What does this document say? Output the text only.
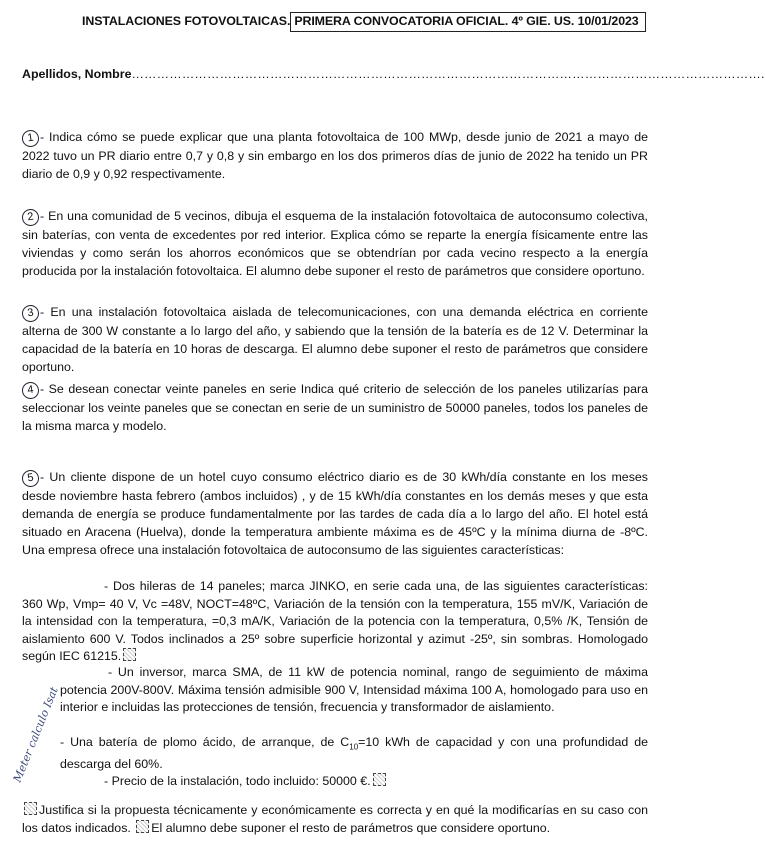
INSTALACIONES FOTOVOLTAICAS. PRIMERA CONVOCATORIA OFICIAL. 4º GIE. US. 10/01/2023
Apellidos, Nombre…………………………………………………………………………………………………………………………………….
1 - Indica cómo se puede explicar que una planta fotovoltaica de 100 MWp, desde junio de 2021 a mayo de 2022 tuvo un PR diario entre 0,7 y 0,8 y sin embargo en los dos primeros días de junio de 2022 ha tenido un PR diario de 0,9 y 0,92 respectivamente.
2 - En una comunidad de 5 vecinos, dibuja el esquema de la instalación fotovoltaica de autoconsumo colectiva, sin baterías, con venta de excedentes por red interior. Explica cómo se reparte la energía físicamente entre las viviendas y como serán los ahorros económicos que se obtendrían por cada vecino respecto a la energía producida por la instalación fotovoltaica. El alumno debe suponer el resto de parámetros que considere oportuno.
3 - En una instalación fotovoltaica aislada de telecomunicaciones, con una demanda eléctrica en corriente alterna de 300 W constante a lo largo del año, y sabiendo que la tensión de la batería es de 12 V. Determinar la capacidad de la batería en 10 horas de descarga. El alumno debe suponer el resto de parámetros que considere oportuno.
4 - Se desean conectar veinte paneles en serie Indica qué criterio de selección de los paneles utilizarías para seleccionar los veinte paneles que se conectan en serie de un suministro de 50000 paneles, todos los paneles de la misma marca y modelo.
5 - Un cliente dispone de un hotel cuyo consumo eléctrico diario es de 30 kWh/día constante en los meses desde noviembre hasta febrero (ambos incluidos) , y de 15 kWh/día constantes en los demás meses y que esta demanda de energía se produce fundamentalmente por las tardes de cada día a lo largo del año. El hotel está situado en Aracena (Huelva), donde la temperatura ambiente máxima es de 45ºC y la mínima diurna de -8ºC. Una empresa ofrece una instalación fotovoltaica de autoconsumo de las siguientes características:
- Dos hileras de 14 paneles; marca JINKO, en serie cada una, de las siguientes características: 360 Wp, Vmp= 40 V, Vc =48V, NOCT=48ºC, Variación de la tensión con la temperatura, 155 mV/K, Variación de la intensidad con la temperatura, =0,3 mA/K, Variación de la potencia con la temperatura, 0,5% /K, Tensión de aislamiento 600 V. Todos inclinados a 25º sobre superficie horizontal y azimut -25º, sin sombras. Homologado según IEC 61215.
- Un inversor, marca SMA, de 11 kW de potencia nominal, rango de seguimiento de máxima potencia 200V-800V. Máxima tensión admisible 900 V, Intensidad máxima 100 A, homologado para uso en interior e incluidas las protecciones de tensión, frecuencia y transformador de aislamiento.
- Una batería de plomo ácido, de arranque, de $C_{10}=10$ kWh de capacidad y con una profundidad de descarga del 60%.
- Precio de la instalación, todo incluido: 50000 €.
Justifica si la propuesta técnicamente y económicamente es correcta y en qué la modificarías en su caso con los datos indicados. El alumno debe suponer el resto de parámetros que considere oportuno.
Meter calculo Isat
